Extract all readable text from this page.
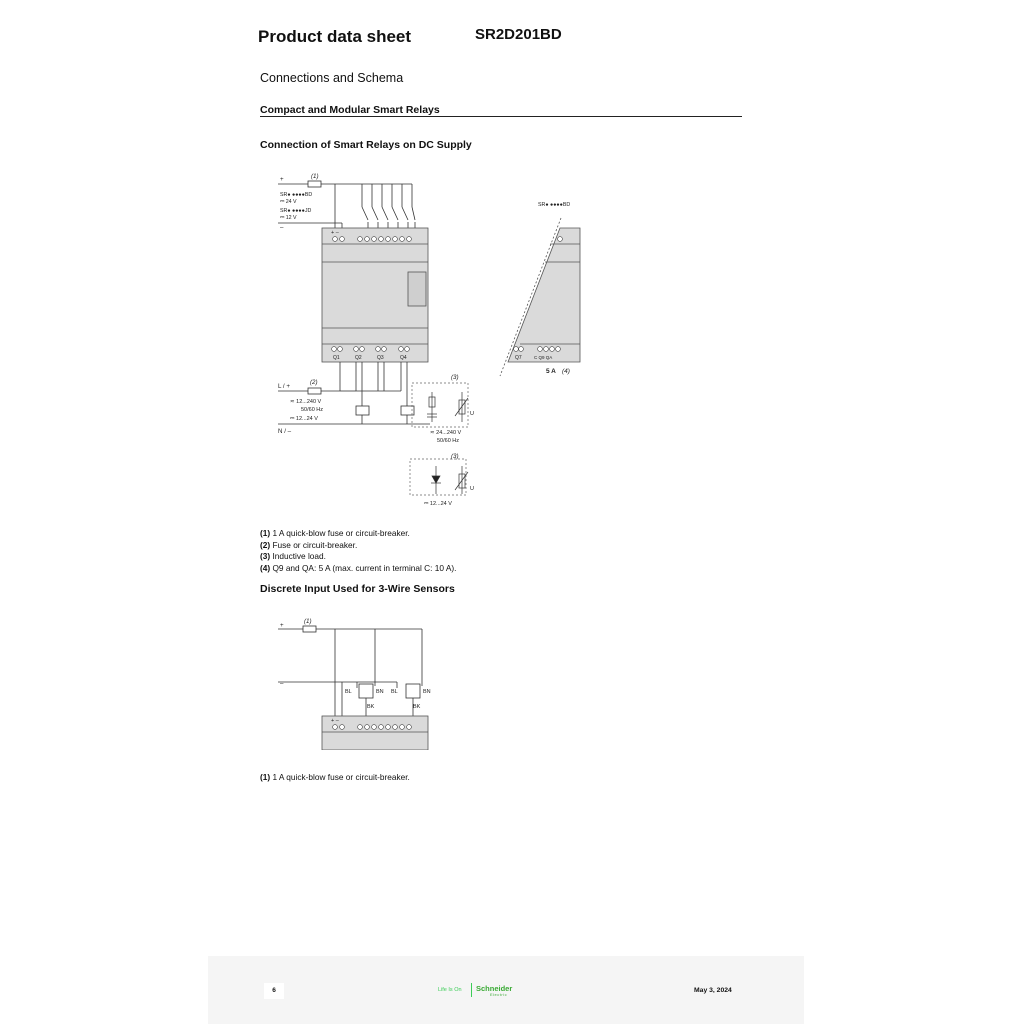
Product data sheet	SR2D201BD
Connections and Schema
Compact and Modular Smart Relays
Connection of Smart Relays on DC Supply
+	(1)
SR● ●●●●BD
⎓ 24 V
SR● ●●●●JD
⎓ 12 V
–
+ –
Q1	Q2	Q3	Q4
L / +
(2)
≂ 12...240 V
50/60 Hz
⎓ 12...24 V
N / –
(3)
U
≂ 24...240 V
50/60 Hz
(3)
U
⎓ 12...24 V
SR● ●●●●BD
Q7	C Q9 QA
5 A (4)
(1) 1 A quick-blow fuse or circuit-breaker.
(2) Fuse or circuit-breaker.
(3) Inductive load.
(4) Q9 and QA: 5 A (max. current in terminal C: 10 A).
Discrete Input Used for 3-Wire Sensors
+
(1)
–
BL	BN
BK
BL	BN
BK
+ –
(1) 1 A quick-blow fuse or circuit-breaker.
6	Life Is On Schneider
Electric
May 3, 2024
